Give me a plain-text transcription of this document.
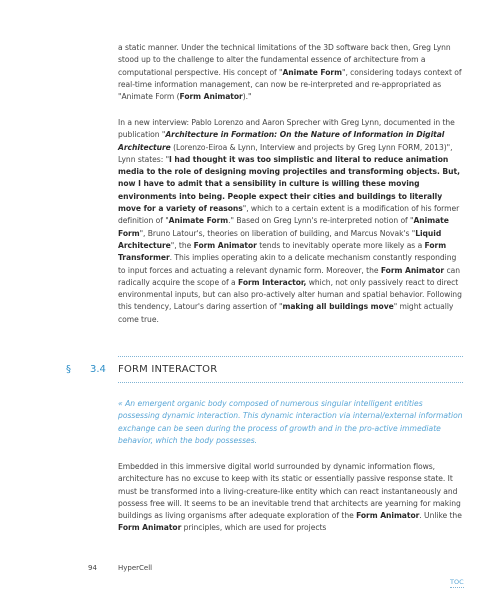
a static manner. Under the technical limitations of the 3D software back then, Greg Lynn stood up to the challenge to alter the fundamental essence of architecture from a computational perspective. His concept of "Animate Form", considering todays context of real-time information management, can now be re-interpreted and re-appropriated as "Animate Form (Form Animator)."
In a new interview: Pablo Lorenzo and Aaron Sprecher with Greg Lynn, documented in the publication "Architecture in Formation: On the Nature of Information in Digital Architecture (Lorenzo-Eiroa & Lynn, Interview and projects by Greg Lynn FORM, 2013)", Lynn states: "I had thought it was too simplistic and literal to reduce animation media to the role of designing moving projectiles and transforming objects. But, now I have to admit that a sensibility in culture is willing these moving environments into being. People expect their cities and buildings to literally move for a variety of reasons", which to a certain extent is a modification of his former definition of "Animate Form." Based on Greg Lynn's re-interpreted notion of "Animate Form", Bruno Latour's, theories on liberation of building, and Marcus Novak's "Liquid Architecture", the Form Animator tends to inevitably operate more likely as a Form Transformer. This implies operating akin to a delicate mechanism constantly responding to input forces and actuating a relevant dynamic form. Moreover, the Form Animator can radically acquire the scope of a Form Interactor, which, not only passively react to direct environmental inputs, but can also pro-actively alter human and spatial behavior. Following this tendency, Latour's daring assertion of "making all buildings move" might actually come true.
§ 3.4 FORM INTERACTOR
« An emergent organic body composed of numerous singular intelligent entities possessing dynamic interaction. This dynamic interaction via internal/external information exchange can be seen during the process of growth and in the pro-active immediate behavior, which the body possesses.
Embedded in this immersive digital world surrounded by dynamic information flows, architecture has no excuse to keep with its static or essentially passive response state. It must be transformed into a living-creature-like entity which can react instantaneously and possess free will. It seems to be an inevitable trend that architects are yearning for making buildings as living organisms after adequate exploration of the Form Animator. Unlike the Form Animator principles, which are used for projects
94	HyperCell
TOC
